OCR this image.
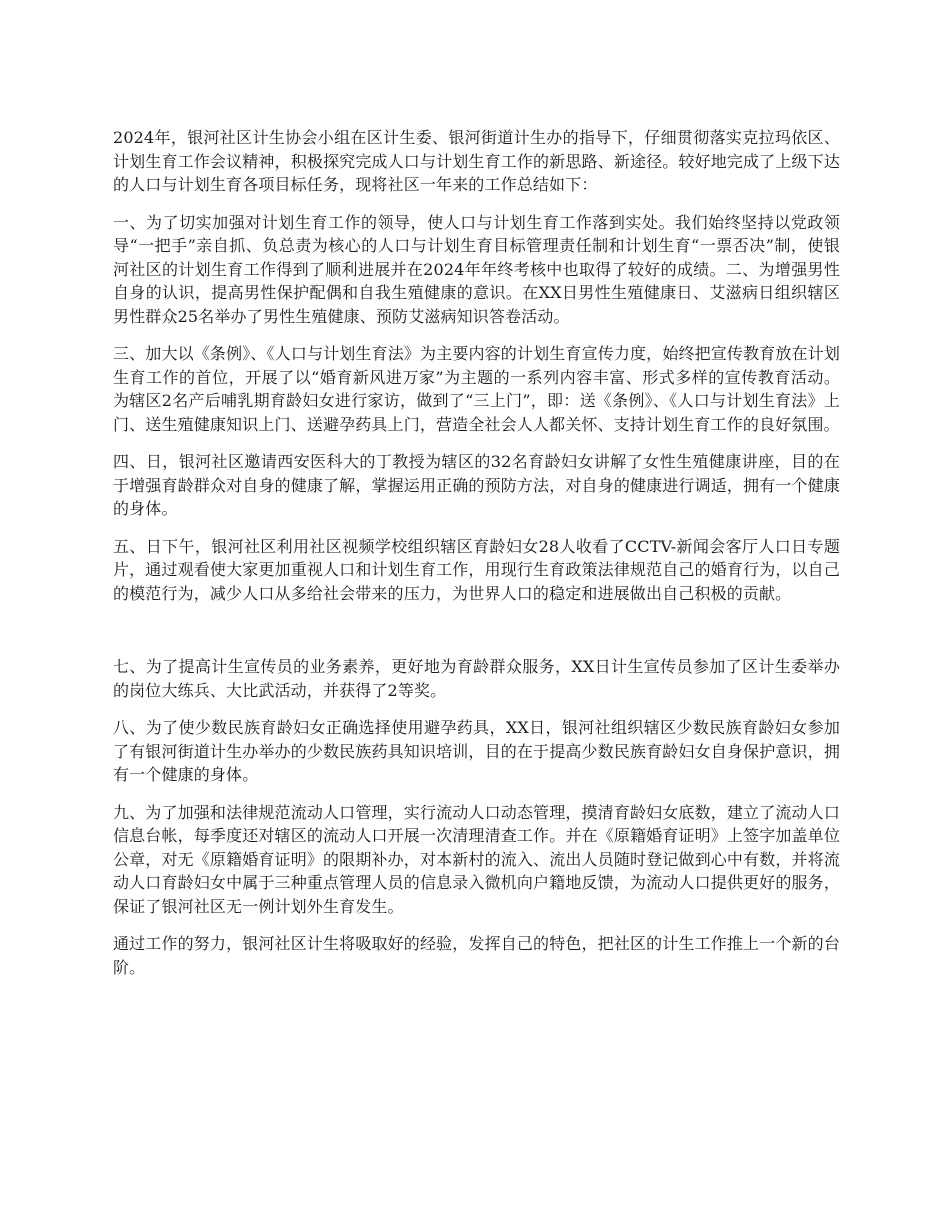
2024年，银河社区计生协会小组在区计生委、银河街道计生办的指导下，仔细贯彻落实克拉玛依区、计划生育工作会议精神，积极探究完成人口与计划生育工作的新思路、新途径。较好地完成了上级下达的人口与计划生育各项目标任务，现将社区一年来的工作总结如下：

一、为了切实加强对计划生育工作的领导，使人口与计划生育工作落到实处。我们始终坚持以党政领导“一把手”亲自抓、负总责为核心的人口与计划生育目标管理责任制和计划生育“一票否决”制，使银河社区的计划生育工作得到了顺利进展并在2024年年终考核中也取得了较好的成绩。二、为增强男性自身的认识，提高男性保护配偶和自我生殖健康的意识。在XX日男性生殖健康日、艾滋病日组织辖区男性群众25名举办了男性生殖健康、预防艾滋病知识答卷活动。

三、加大以《条例》、《人口与计划生育法》为主要内容的计划生育宣传力度，始终把宣传教育放在计划生育工作的首位，开展了以“婚育新风进万家”为主题的一系列内容丰富、形式多样的宣传教育活动。为辖区2名产后哺乳期育龄妇女进行家访，做到了“三上门”，即：送《条例》、《人口与计划生育法》上门、送生殖健康知识上门、送避孕药具上门，营造全社会人人都关怀、支持计划生育工作的良好氛围。

四、日，银河社区邀请西安医科大的丁教授为辖区的32名育龄妇女讲解了女性生殖健康讲座，目的在于增强育龄群众对自身的健康了解，掌握运用正确的预防方法，对自身的健康进行调适，拥有一个健康的身体。

五、日下午，银河社区利用社区视频学校组织辖区育龄妇女28人收看了CCTV-新闻会客厅人口日专题片，通过观看使大家更加重视人口和计划生育工作，用现行生育政策法律规范自己的婚育行为，以自己的模范行为，减少人口从多给社会带来的压力，为世界人口的稳定和进展做出自己积极的贡献。

七、为了提高计生宣传员的业务素养，更好地为育龄群众服务，XX日计生宣传员参加了区计生委举办的岗位大练兵、大比武活动，并获得了2等奖。

八、为了使少数民族育龄妇女正确选择使用避孕药具，XX日，银河社组织辖区少数民族育龄妇女参加了有银河街道计生办举办的少数民族药具知识培训，目的在于提高少数民族育龄妇女自身保护意识，拥有一个健康的身体。

九、为了加强和法律规范流动人口管理，实行流动人口动态管理，摸清育龄妇女底数，建立了流动人口信息台帐，每季度还对辖区的流动人口开展一次清理清查工作。并在《原籍婚育证明》上签字加盖单位公章，对无《原籍婚育证明》的限期补办，对本新村的流入、流出人员随时登记做到心中有数，并将流动人口育龄妇女中属于三种重点管理人员的信息录入微机向户籍地反馈，为流动人口提供更好的服务，保证了银河社区无一例计划外生育发生。

通过工作的努力，银河社区计生将吸取好的经验，发挥自己的特色，把社区的计生工作推上一个新的台阶。
